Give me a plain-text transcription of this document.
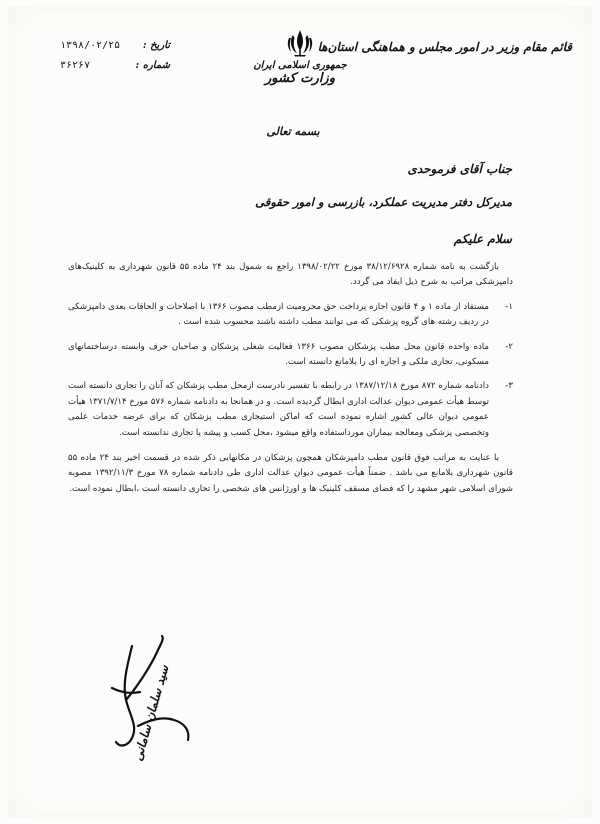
قائم مقام وزیر در امور مجلس و هماهنگی استان‌ها
جمهوری اسلامی ایران
وزارت کشور
بسمه تعالی
تاریخ :
۱۳۹۸/۰۲/۲۵
شماره :
۳۶۲۶۷
جناب آقای فرموحدی
مدیرکل دفتر مدیریت عملکرد، بازرسی و امور حقوقی
سلام علیکم

بازگشت به نامه شماره ۳۸/۱۲/۶۹۲۸ مورخ ۱۳۹۸/۰۲/۲۲ راجع به شمول بند ۲۴ ماده ۵۵ قانون شهرداری به کلینیک‌های دامپزشکی مراتب به شرح ذیل ایفاد می گردد.

۱-
مستفاد از ماده ۱ و ۴ قانون اجازه پرداخت حق محرومیت ازمطب مصوب ۱۳۶۶ با اصلاحات و الحاقات بعدی دامپزشکی در ردیف رشته های گروه پزشکی که می توانند مطب داشته باشند محسوب شده است .
۲-
ماده واحده قانون محل مطب پزشکان مصوب ۱۳۶۶ فعالیت شغلی پزشکان و صاحبان حرف وابسته درساختمانهای مسکونی، تجاری ملکی و اجاره ای را بلامانع دانسته است.
۳-
دادنامه شماره ۸۷۲ مورخ ۱۳۸۷/۱۲/۱۸ در رابطه با تفسیر نادرست ازمحل مطب پزشکان که آنان را تجاری دانسته است توسط هیأت عمومی دیوان عدالت اداری ابطال گردیده است. و در همانجا به دادنامه شماره ۵۷۶ مورخ ۱۳۷۱/۷/۱۴ هیأت عمومی دیوان عالی کشور اشاره نموده است که اماکن استیجاری مطب پزشکان که برای عرضه خدمات علمی وتخصصی پزشکی ومعالجه بیماران مورداستفاده واقع میشود ،محل کسب و پیشه یا تجاری ندانسته است.

با عنایت به مراتب فوق قانون مطب دامپزشکان همچون پزشکان در مکانهایی ذکر شده در قسمت اخیر بند ۲۴ ماده ۵۵ قانون شهرداری بلامانع می باشد . ضمناً هیأت عمومی دیوان عدالت اداری طی دادنامه شماره ۷۸ مورخ ۱۳۹۲/۱۱/۳ مصوبه شورای اسلامی شهر مشهد را که فضای مسقف کلینیک ها و اورژانس های شخصی را تجاری دانسته است ،ابطال نموده است.

سید سلمان سامانی
